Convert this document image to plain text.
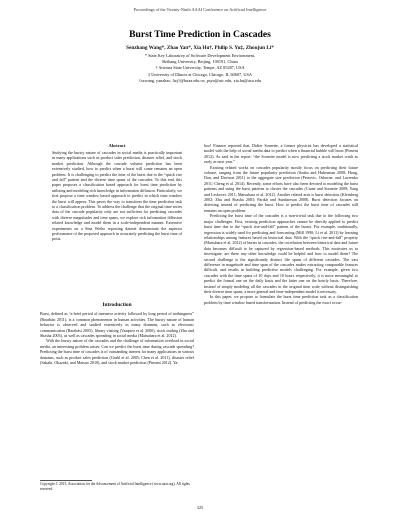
Proceedings of the Twenty-Ninth AAAI Conference on Artificial Intelligence
Burst Time Prediction in Cascades
Senzhang Wang*, Zhao Yan*, Xia Hu†, Philip S. Yu‡, Zhoujun Li*
* State Key Laboratory of Software Development Environment,
Beihang University, Beijing, 100191, China
† Arizona State University, Tempe, AZ 85287, USA
‡ University of Illinois at Chicago, Chicago, IL 60607, USA
{szwang, yanzhao, lizj}@buaa.edu.cn, psyu@uic.edu, xia.hu@asu.edu
Abstract
Studying the bursty nature of cascades in social media is practically important in many applications such as product sales prediction, disaster relief, and stock market prediction. Although the cascade volume prediction has been extensively studied, how to predict when a burst will come remains an open problem. It is challenging to predict the time of the burst due to the “quick rise and fall” pattern and the diverse time spans of the cascades. To this end, this paper proposes a classification based approach for burst time prediction by utilizing and modeling rich knowledge in information diffusion. Particularly, we first propose a time window based approach to predict in which time window the burst will appear. This paves the way to transform the time prediction task to a classification problem. To address the challenge that the original time series data of the cascade popularity only are not sufficient for predicting cascades with diverse magnitudes and time spans, we explore rich information diffusion related knowledge and model them in a scale-independent manner. Extensive experiments on a Sina Weibo reposting dataset demonstrate the superior performance of the proposed approach in accurately predicting the burst time of posts.
Introduction

Burst, defined as “a brief period of intensive activity followed by long period of nothingness” (Barabási 2011), is a common phenomenon in human activities. The bursty nature of human behavior is observed and studied extensively in many domains, such as electronic communication (Barabási 2005), library visiting (Vazquez et al. 2006), stock trading (Zhu and Shasha 2003), as well as cascades spreading in social media (Matsubara et al. 2012).

With the bursty nature of the cascades and the challenge of information overload in social media, an interesting problem arises: Can we predict the burst time during cascade spreading? Predicting the burst time of cascades is of outstanding interest for many applications in various domains, such as product sales prediction (Gruhl et al. 2005; Chen et al. 2011), disaster relief (Sakaki, Okazaki, and Matsuo 2010), and stock market prediction (Pinsent 2012). Ya-

hoo! Finance reported that, Didier Sornette, a former physicist has developed a statistical model with the help of social media data to predict when a financial bubble will burst (Pinsent 2012). As said in the report: “the Sornette model is now predicting a stock market crash as early as next year.”

Existing related works on cascades popularity mostly focus on predicting their future volume, ranging from the future popularity prediction (Szabo and Huberman 2008; Hong, Dan, and Davison 2011) to the aggregate size prediction (Petrovic, Osborne, and Lavrenko 2011; Cheng et al. 2014). Recently, some efforts have also been devoted to modeling the burst patterns and using the burst patterns to cluster the cascades (Crane and Sornette 2008; Yang and Leskovec 2011; Matsubara et al. 2012). Another related area is burst detection (Kleinberg 2002; Zhu and Shasha 2003; Parikh and Sundaresan 2008). Burst detection focuses on detecting instead of predicting the burst. How to predict the burst time of cascades still remains an open problem.

Predicting the burst time of the cascades is a non-trivial task due to the following two major challenges. First, existing prediction approaches cannot be directly applied to predict burst time due to the “quick rise-and-fall” pattern of the bursts. For example, traditionally, regression is widely used for predicting and forecasting (Mill 1990; Li et al. 2011) by learning relationships among features based on historical data. With the “quick rise-and-fall” property (Matsubara et al. 2012) of bursts in cascades, the correlation between historical data and future data becomes difficult to be captured by regression-based methods. This motivates us to investigate: are there any other knowledge could be helpful and how to model them? The second challenge is the significantly distinct life spans of different cascades. The vast difference in magnitude and time span of the cascades makes extracting comparable features difficult, and results in building predictive models challenging. For example, given two cascades with the time spans of 10 days and 10 hours respectively, it is more meaningful to predict the formal one on the daily basis and the latter one on the hourly basis. Therefore, instead of simply modeling all the cascades in the original time scale without distinguishing their diverse time spans, a more general and time-independent model is necessary.

In this paper, we propose to formulate the burst time prediction task as a classification problem by time window based transformation. Instead of predicting the exact occur-

Copyright © 2015, Association for the Advancement of Artificial Intelligence (www.aaai.org). All rights reserved.
325
